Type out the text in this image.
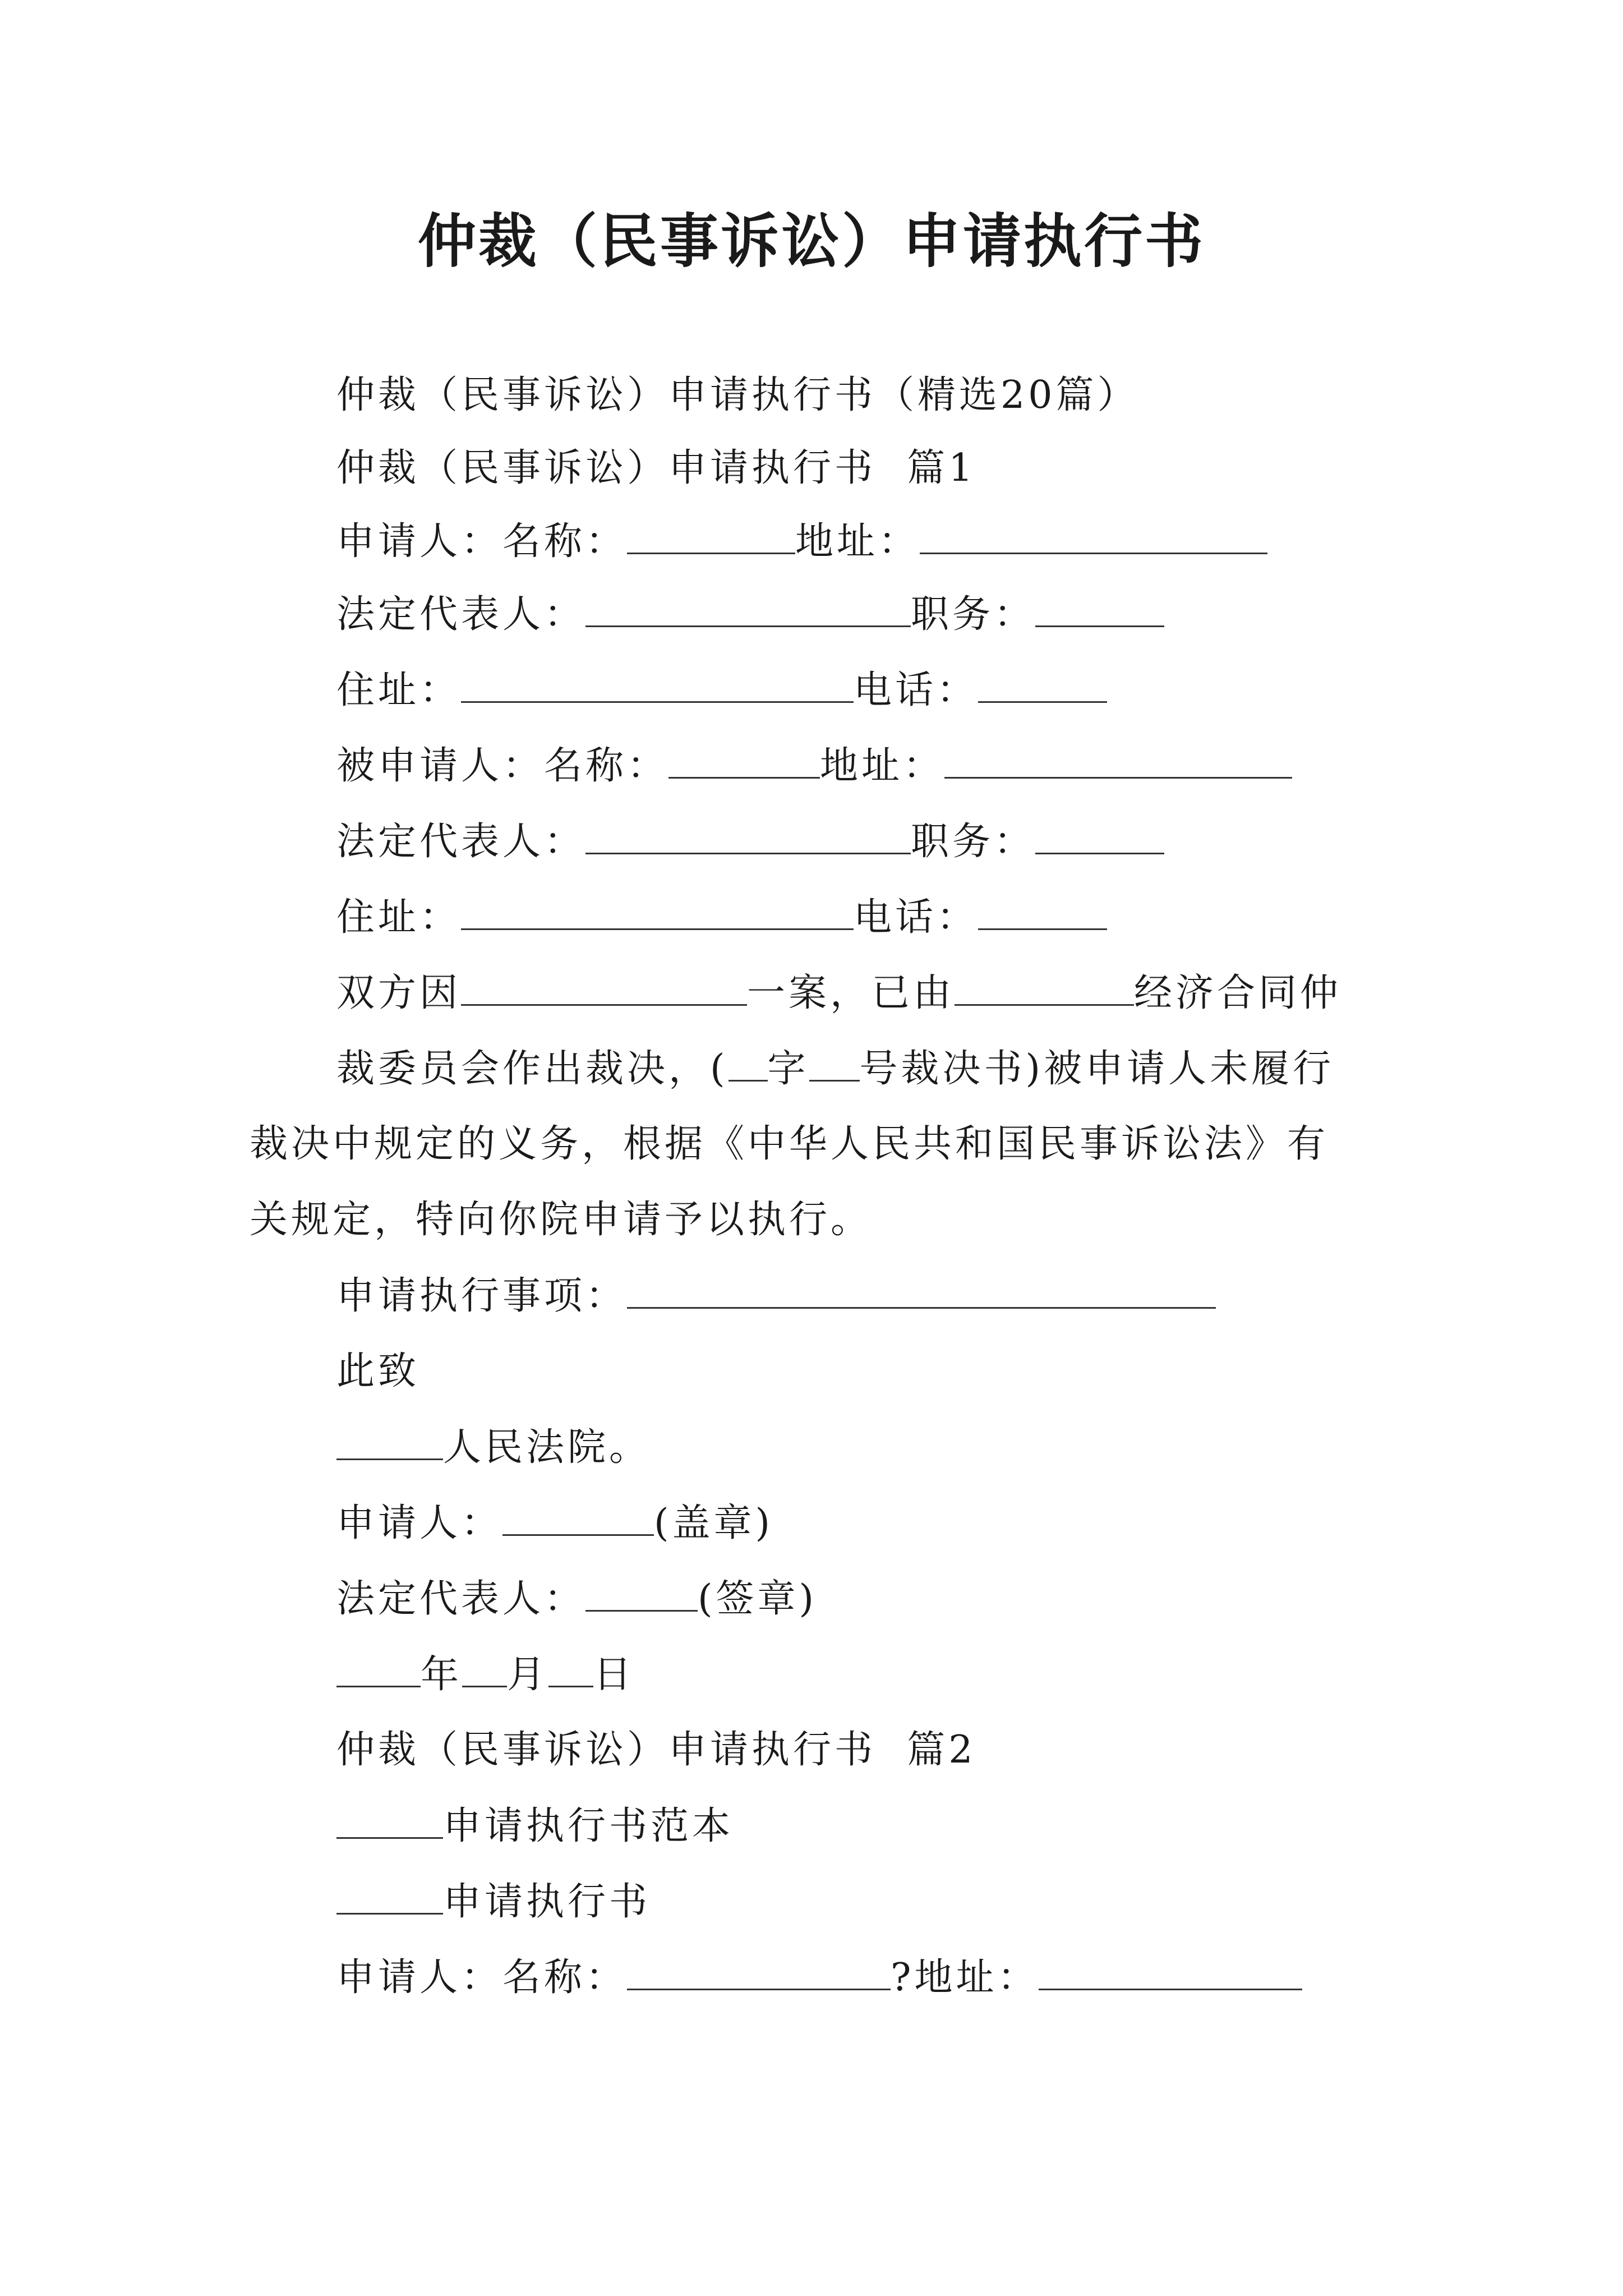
仲裁（民事诉讼）申请执行书
仲裁（民事诉讼）申请执行书（精选20篇）
仲裁（民事诉讼）申请执行书  篇1
申请人：名称：	地址：
法定代表人：	职务：
住址：	电话：
被申请人：名称：	地址：
法定代表人：	职务：
住址：	电话：
双方因	一案，已由	经济合同仲
裁委员会作出裁决，( 字 号裁决书)被申请人未履行
裁决中规定的义务，根据《中华人民共和国民事诉讼法》有
关规定，特向你院申请予以执行。
申请执行事项：
此致
人民法院。
申请人：	(盖章)
法定代表人：	(签章)
年 月 日
仲裁（民事诉讼）申请执行书  篇2
申请执行书范本
申请执行书
申请人：名称：	?地址：
